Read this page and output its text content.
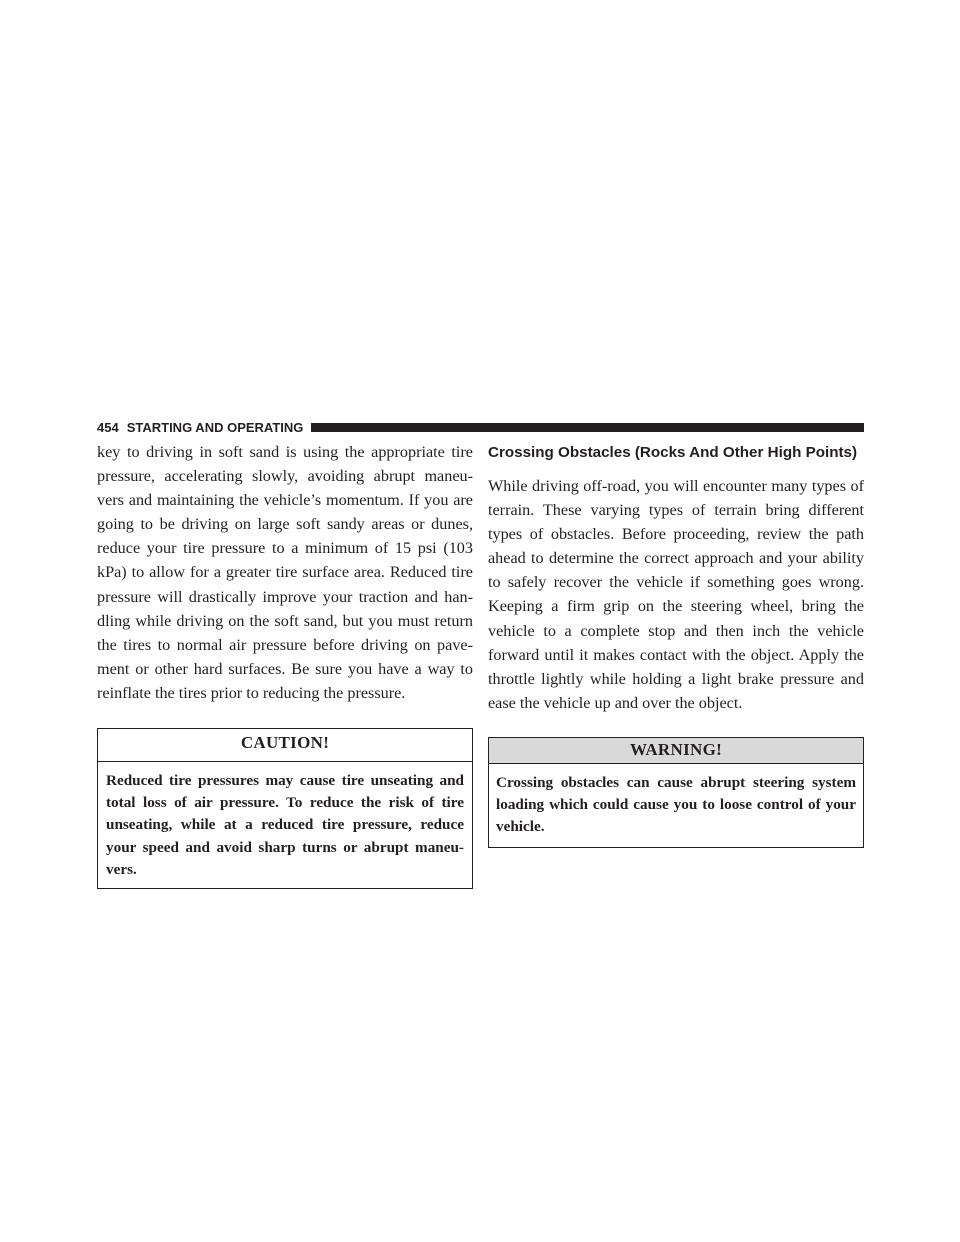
454 STARTING AND OPERATING

key to driving in soft sand is using the appropriate tire pressure, accelerating slowly, avoiding abrupt maneu-vers and maintaining the vehicle’s momentum. If you are going to be driving on large soft sandy areas or dunes, reduce your tire pressure to a minimum of 15 psi (103 kPa) to allow for a greater tire surface area. Reduced tire pressure will drastically improve your traction and han-dling while driving on the soft sand, but you must return the tires to normal air pressure before driving on pave-ment or other hard surfaces. Be sure you have a way to reinflate the tires prior to reducing the pressure.

CAUTION!

Reduced tire pressures may cause tire unseating and total loss of air pressure. To reduce the risk of tire unseating, while at a reduced tire pressure, reduce your speed and avoid sharp turns or abrupt maneu-vers.

Crossing Obstacles (Rocks And Other High Points)

While driving off-road, you will encounter many types of terrain. These varying types of terrain bring different types of obstacles. Before proceeding, review the path ahead to determine the correct approach and your ability to safely recover the vehicle if something goes wrong. Keeping a firm grip on the steering wheel, bring the vehicle to a complete stop and then inch the vehicle forward until it makes contact with the object. Apply the throttle lightly while holding a light brake pressure and ease the vehicle up and over the object.

WARNING!

Crossing obstacles can cause abrupt steering system loading which could cause you to loose control of your vehicle.
